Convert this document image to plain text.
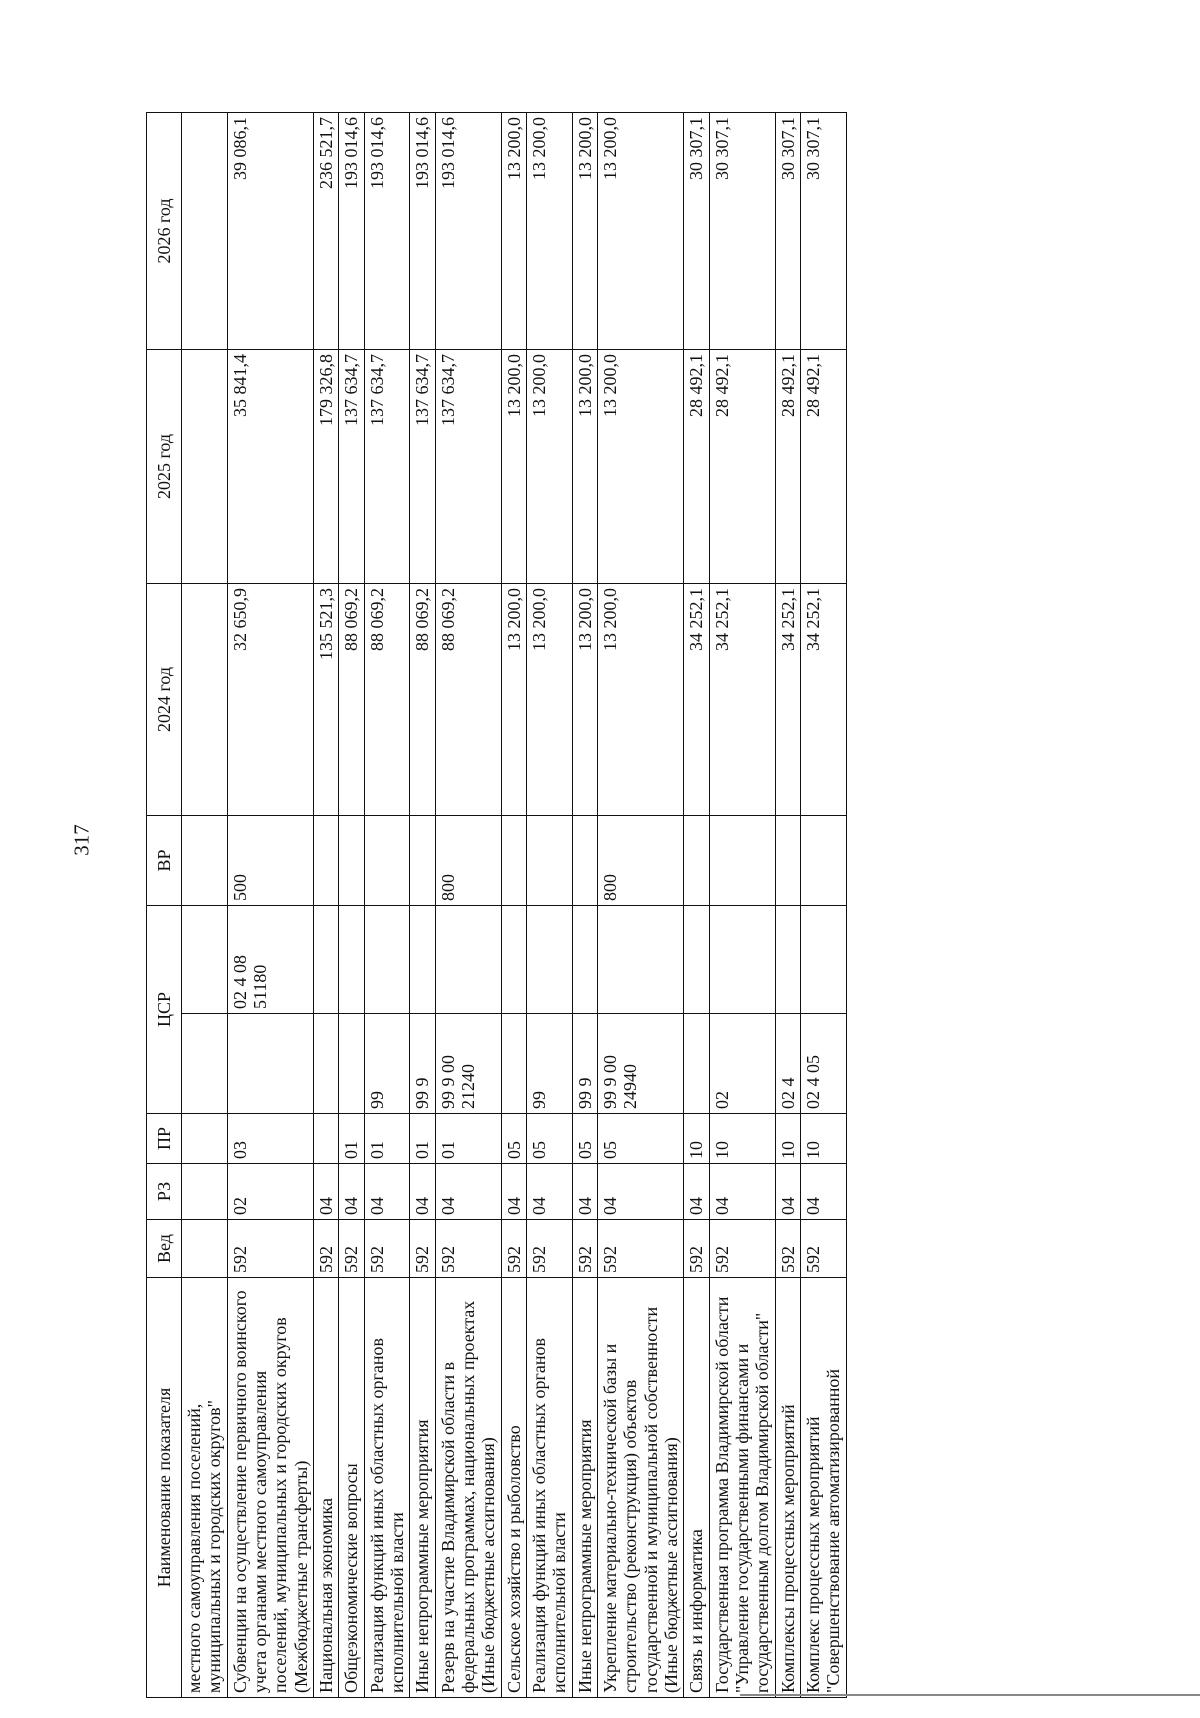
317
Наименование показателя	Вед	РЗ	ПР	ЦСР		ВР	2024 год	2025 год	2026 год
местного самоуправления поселений, муниципальных и городских округов"									
Субвенции на осуществление первичного воинского учета органами местного самоуправления поселений, муниципальных и городских округов (Межбюджетные трансферты)	592	02	03		02 4 08 51180	500	32 650,9	35 841,4	39 086,1
Национальная экономика	592	04					135 521,3	179 326,8	236 521,7
Общеэкономические вопросы	592	04	01				88 069,2	137 634,7	193 014,6
Реализация функций иных областных органов исполнительной власти	592	04	01	99			88 069,2	137 634,7	193 014,6
Иные непрограммные мероприятия	592	04	01	99 9			88 069,2	137 634,7	193 014,6
Резерв на участие Владимирской области в федеральных программах, национальных проектах (Иные бюджетные ассигнования)	592	04	01	99 9 00 21240		800	88 069,2	137 634,7	193 014,6
Сельское хозяйство и рыболовство	592	04	05				13 200,0	13 200,0	13 200,0
Реализация функций иных областных органов исполнительной власти	592	04	05	99			13 200,0	13 200,0	13 200,0
Иные непрограммные мероприятия	592	04	05	99 9			13 200,0	13 200,0	13 200,0
Укрепление материально-технической базы и строительство (реконструкция) объектов государственной и муниципальной собственности (Иные бюджетные ассигнования)	592	04	05	99 9 00 24940		800	13 200,0	13 200,0	13 200,0
Связь и информатика	592	04	10				34 252,1	28 492,1	30 307,1
Государственная программа Владимирской области "Управление государственными финансами и государственным долгом Владимирской области"	592	04	10	02			34 252,1	28 492,1	30 307,1
Комплексы процессных мероприятий	592	04	10	02 4			34 252,1	28 492,1	30 307,1
Комплекс процессных мероприятий "Совершенствование автоматизированной	592	04	10	02 4 05			34 252,1	28 492,1	30 307,1
